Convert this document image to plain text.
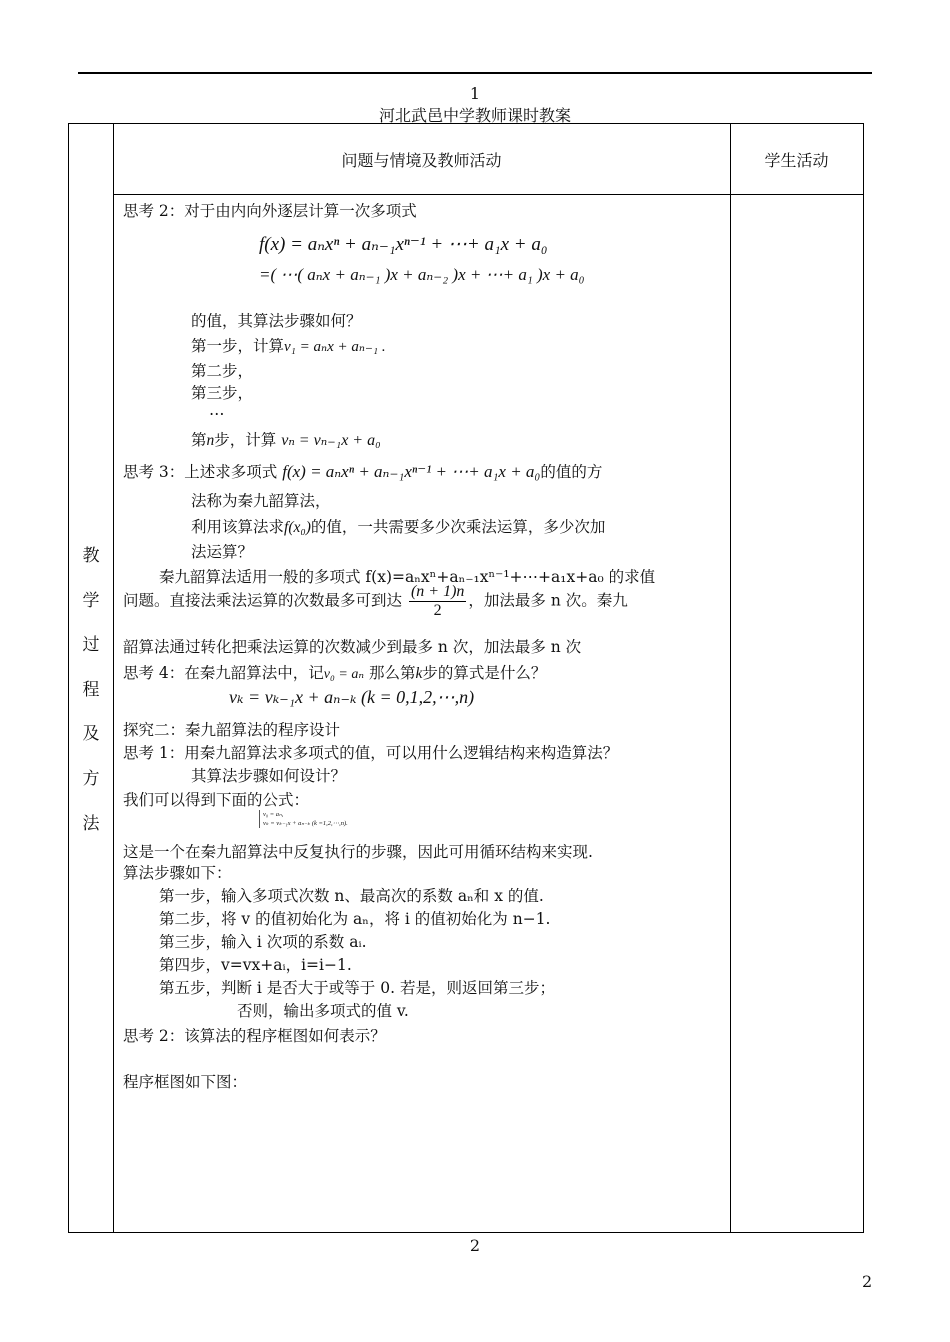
1
河北武邑中学教师课时教案
问题与情境及教师活动	学生活动
教
学
过
程
及
方
法
思考 2：对于由内向外逐层计算一次多项式
f(x) = aₙxⁿ + aₙ₋₁xⁿ⁻¹ + ⋯+ a₁x + a₀
=( ⋯( aₙx + aₙ₋₁ )x + aₙ₋₂ )x + ⋯+ a₁ )x + a₀
的值，其算法步骤如何？
第一步，计算v₁ = aₙx + aₙ₋₁ .
第二步，
第三步，
…
第n步，计算 vₙ = vₙ₋₁x + a₀
思考 3：上述求多项式 f(x) = aₙxⁿ + aₙ₋₁xⁿ⁻¹ + ⋯+ a₁x + a₀的值的方
法称为秦九韶算法，
利用该算法求f(x₀)的值，一共需要多少次乘法运算，多少次加
法运算？
秦九韶算法适用一般的多项式 f(x)=aₙxⁿ+aₙ₋₁xⁿ⁻¹+⋯+a₁x+a₀ 的求值
问题。直接法乘法运算的次数最多可到达 $\frac{(n + 1)n}{2}$ ，加法最多 n 次。秦九
韶算法通过转化把乘法运算的次数减少到最多 n 次，加法最多 n 次
思考 4：在秦九韶算法中，记v₀ = aₙ 那么第k步的算式是什么？
vₖ = vₖ₋₁x + aₙ₋ₖ (k = 0,1,2,⋯,n)
探究二：秦九韶算法的程序设计
思考 1：用秦九韶算法求多项式的值，可以用什么逻辑结构来构造算法？
其算法步骤如何设计？
我们可以得到下面的公式：
v₀ = aₙ,
vₖ = vₖ₋₁x + aₙ₋ₖ (k =1,2,⋯,n).
这是一个在秦九韶算法中反复执行的步骤，因此可用循环结构来实现.
算法步骤如下：
第一步，输入多项式次数 n、最高次的系数 aₙ和 x 的值.
第二步，将 v 的值初始化为 aₙ，将 i 的值初始化为 n−1.
第三步，输入 i 次项的系数 aᵢ.
第四步，v=vx+aᵢ，i=i−1.
第五步，判断 i 是否大于或等于 0. 若是，则返回第三步；
否则，输出多项式的值 v.
思考 2：该算法的程序框图如何表示？
程序框图如下图：
2
2
